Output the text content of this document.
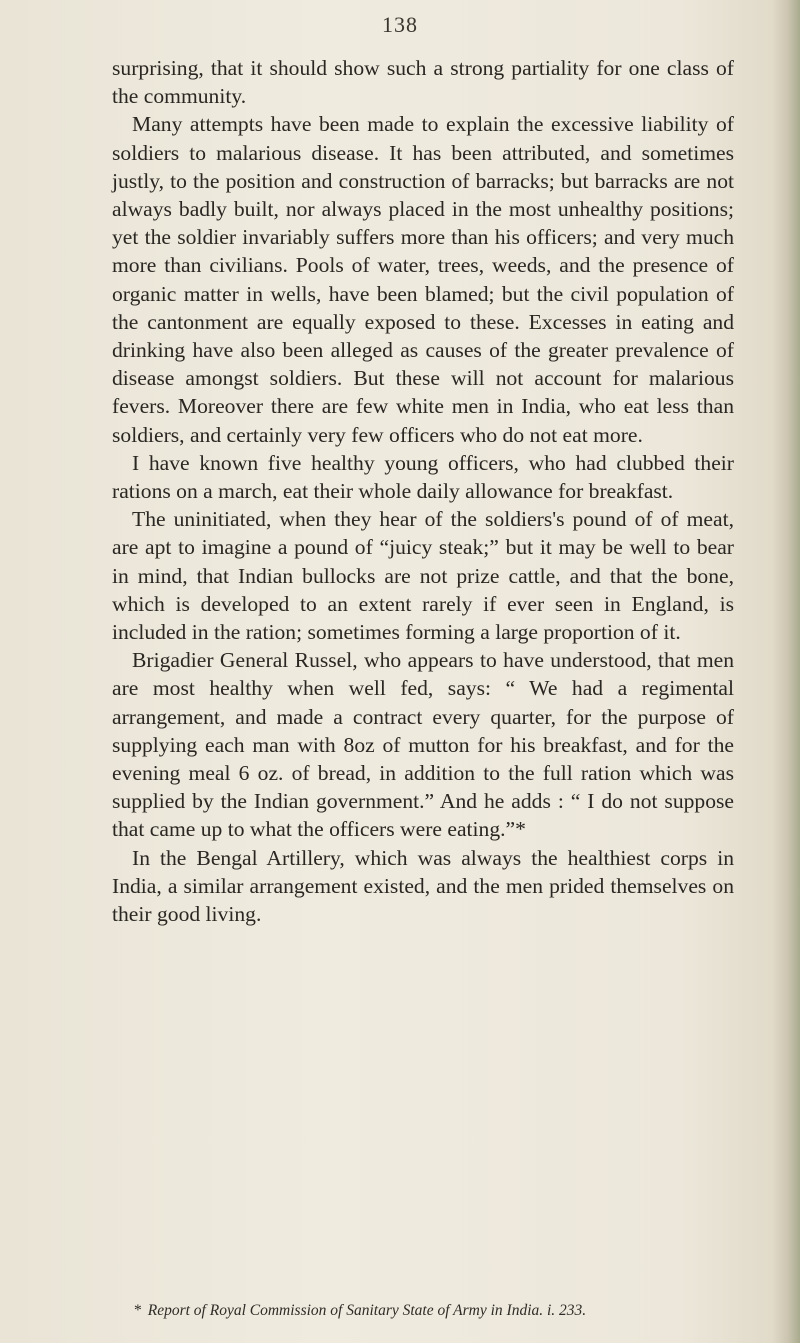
138

surprising, that it should show such a strong partiality for one class of the community.

Many attempts have been made to explain the excessive liability of soldiers to malarious disease. It has been attributed, and sometimes justly, to the position and construction of barracks; but barracks are not always badly built, nor always placed in the most unhealthy positions; yet the soldier invariably suffers more than his officers; and very much more than civilians. Pools of water, trees, weeds, and the presence of organic matter in wells, have been blamed; but the civil population of the cantonment are equally exposed to these. Excesses in eating and drinking have also been alleged as causes of the greater prevalence of disease amongst soldiers. But these will not account for malarious fevers. Moreover there are few white men in India, who eat less than soldiers, and certainly very few officers who do not eat more.

I have known five healthy young officers, who had clubbed their rations on a march, eat their whole daily allowance for breakfast.

The uninitiated, when they hear of the soldiers's pound of of meat, are apt to imagine a pound of “juicy steak;” but it may be well to bear in mind, that Indian bullocks are not prize cattle, and that the bone, which is developed to an extent rarely if ever seen in England, is included in the ration; sometimes forming a large proportion of it.

Brigadier General Russel, who appears to have understood, that men are most healthy when well fed, says: “ We had a regimental arrangement, and made a contract every quarter, for the purpose of supplying each man with 8oz of mutton for his breakfast, and for the evening meal 6 oz. of bread, in addition to the full ration which was supplied by the Indian government.” And he adds : “ I do not suppose that came up to what the officers were eating.”*

In the Bengal Artillery, which was always the healthiest corps in India, a similar arrangement existed, and the men prided themselves on their good living.

* Report of Royal Commission of Sanitary State of Army in India. i. 233.
